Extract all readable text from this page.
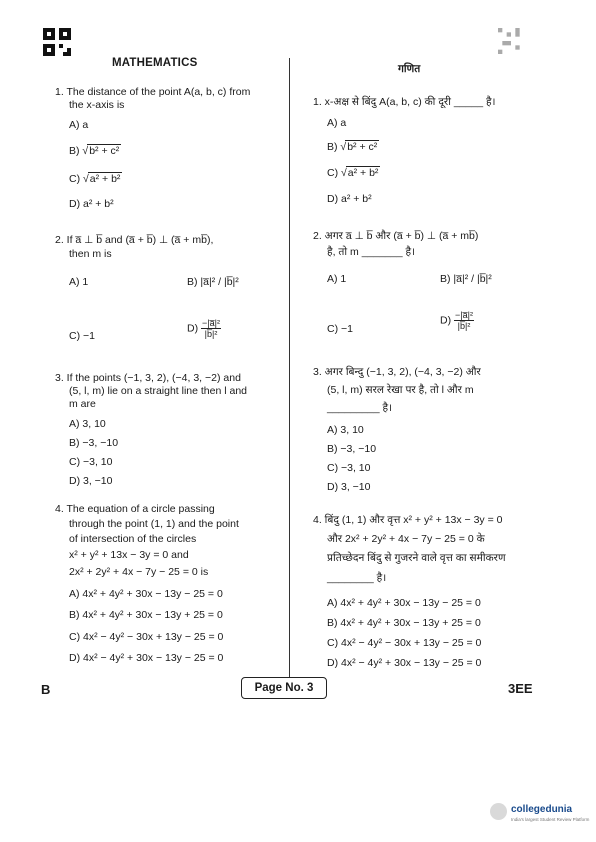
MATHEMATICS	गणित
1. The distance of the point A(a, b, c) from
the x-axis is
A) a
B) √b² + c²
C) √a² + b²
D) a² + b²
2. If a̅ ⊥ b̅ and (a̅ + b̅) ⊥ (a̅ + mb̅),
then m is
A) 1	B) |a̅|² / |b̅|²
C) −1
$D) \frac{\text{−|a̅|²}}{\text{|b̅|²}}$
3. If the points (−1, 3, 2), (−4, 3, −2) and
(5, l, m) lie on a straight line then l and
m are
A) 3, 10
B) −3, −10
C) −3, 10
D) 3, −10
4. The equation of a circle passing
through the point (1, 1) and the point
of intersection of the circles
x² + y² + 13x − 3y = 0 and
2x² + 2y² + 4x − 7y − 25 = 0 is
A) 4x² + 4y² + 30x − 13y − 25 = 0
B) 4x² + 4y² + 30x − 13y + 25 = 0
C) 4x² − 4y² − 30x + 13y − 25 = 0
D) 4x² − 4y² + 30x − 13y − 25 = 0
1. x-अक्ष से बिंदु A(a, b, c) की दूरी _____ है।
A) a
B) √b² + c²
C) √a² + b²
D) a² + b²
2. अगर a̅ ⊥ b̅ और (a̅ + b̅) ⊥ (a̅ + mb̅)
है, तो m _______ है।
A) 1	B) |a̅|² / |b̅|²
C) −1
$D) \frac{\text{−|a̅|²}}{\text{|b̅|²}}$
3. अगर बिन्दु (−1, 3, 2), (−4, 3, −2) और
(5, l, m) सरल रेखा पर है, तो l और m
_________ है।
A) 3, 10
B) −3, −10
C) −3, 10
D) 3, −10
4. बिंदु (1, 1) और वृत्त x² + y² + 13x − 3y = 0
और 2x² + 2y² + 4x − 7y − 25 = 0 के
प्रतिच्छेदन बिंदु से गुजरने वाले वृत्त का समीकरण
________ है।
A) 4x² + 4y² + 30x − 13y − 25 = 0
B) 4x² + 4y² + 30x − 13y + 25 = 0
C) 4x² − 4y² − 30x + 13y − 25 = 0
D) 4x² − 4y² + 30x − 13y − 25 = 0
B	Page No. 3	3EE
collegedunia
India's largest Student Review Platform
